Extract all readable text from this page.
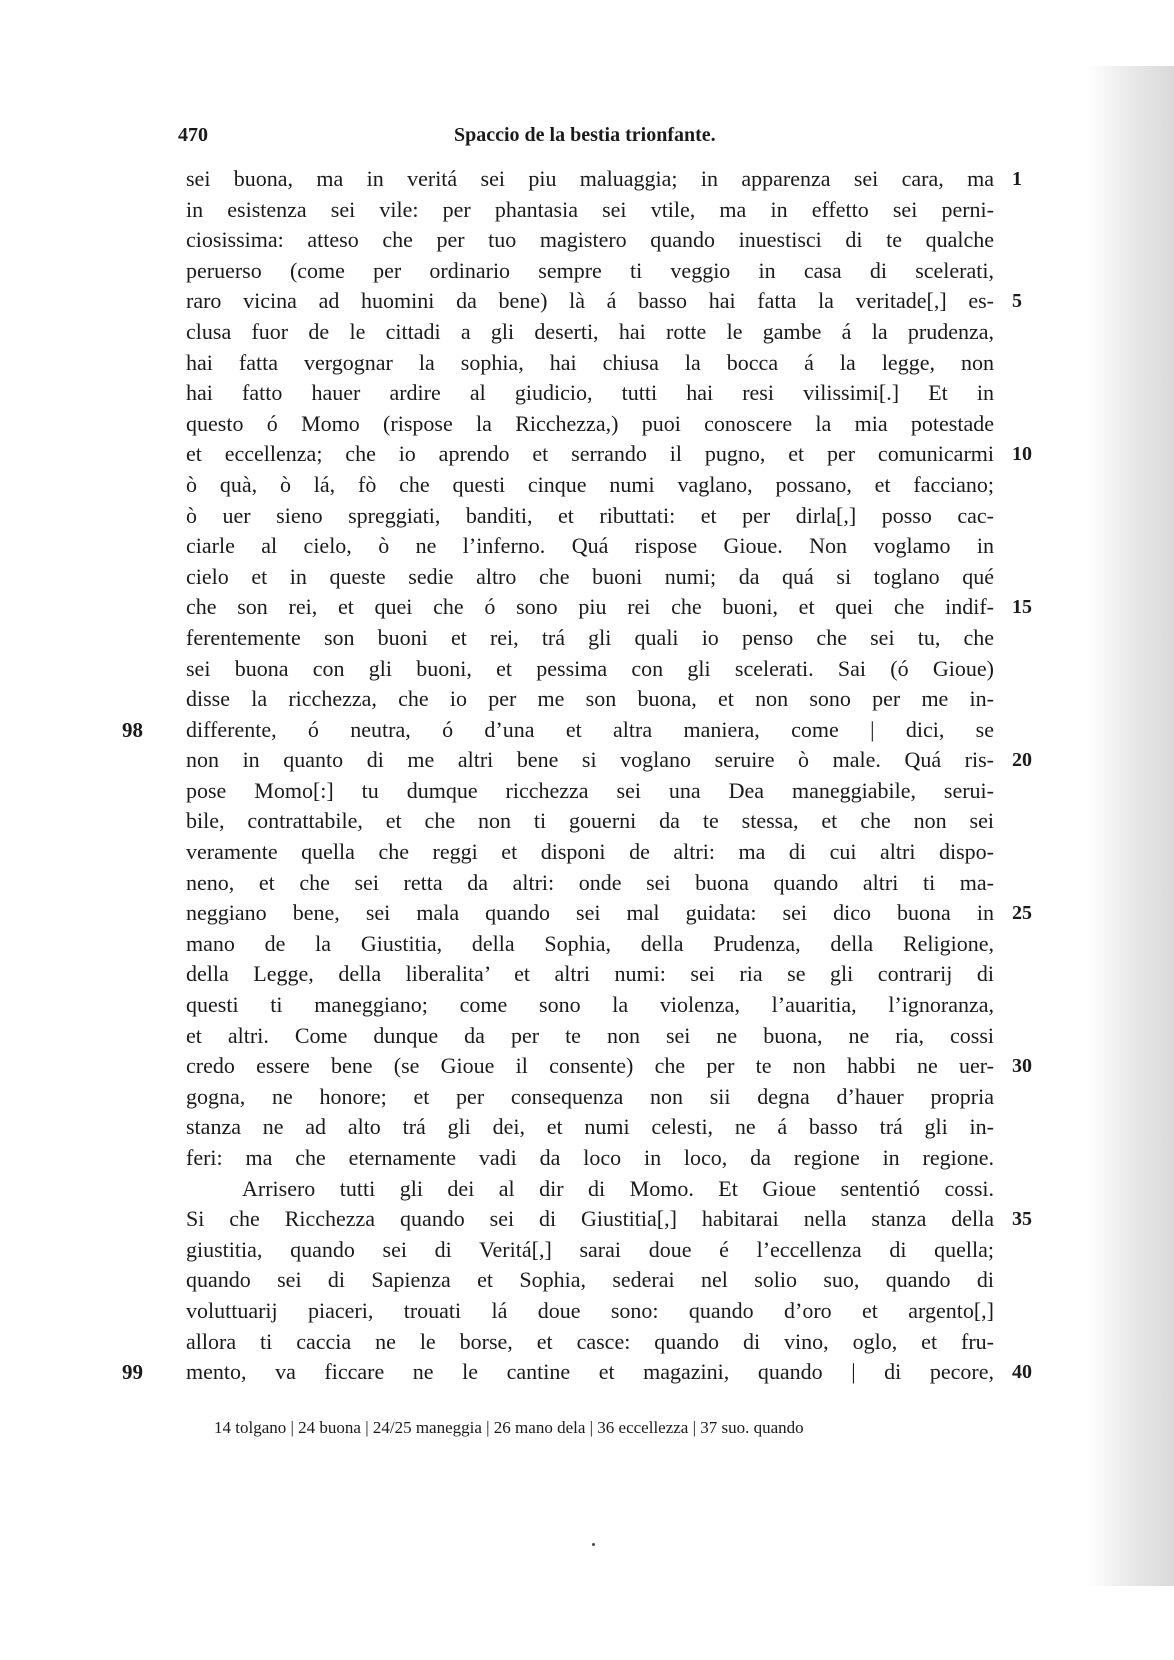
470	Spaccio de la bestia trionfante.
sei buona, ma in veritá sei piu maluaggia; in apparenza sei cara, ma 1
in esistenza sei vile: per phantasia sei vtile, ma in effetto sei perni-
ciosissima: atteso che per tuo magistero quando inuestisci di te qualche
peruerso (come per ordinario sempre ti veggio in casa di scelerati,
raro vicina ad huomini da bene) là á basso hai fatta la veritade[,] es- 5
clusa fuor de le cittadi a gli deserti, hai rotte le gambe á la prudenza,
hai fatta vergognar la sophia, hai chiusa la bocca á la legge, non
hai fatto hauer ardire al giudicio, tutti hai resi vilissimi[.] Et in
questo ó Momo (rispose la Ricchezza,) puoi conoscere la mia potestade
et eccellenza; che io aprendo et serrando il pugno, et per comunicarmi 10
ò quà, ò lá, fò che questi cinque numi vaglano, possano, et facciano;
ò uer sieno spreggiati, banditi, et ributtati: et per dirla[,] posso cac-
ciarle al cielo, ò ne l’inferno. Quá rispose Gioue. Non voglamo in
cielo et in queste sedie altro che buoni numi; da quá si toglano qué
che son rei, et quei che ó sono piu rei che buoni, et quei che indif- 15
ferentemente son buoni et rei, trá gli quali io penso che sei tu, che
sei buona con gli buoni, et pessima con gli scelerati. Sai (ó Gioue)
disse la ricchezza, che io per me son buona, et non sono per me in-
differente, ó neutra, ó d’una et altra maniera, come | dici, se
98
non in quanto di me altri bene si voglano seruire ò male. Quá ris- 20
pose Momo[:] tu dumque ricchezza sei una Dea maneggiabile, serui-
bile, contrattabile, et che non ti gouerni da te stessa, et che non sei
veramente quella che reggi et disponi de altri: ma di cui altri dispo-
neno, et che sei retta da altri: onde sei buona quando altri ti ma-
neggiano bene, sei mala quando sei mal guidata: sei dico buona in 25
mano de la Giustitia, della Sophia, della Prudenza, della Religione,
della Legge, della liberalita’ et altri numi: sei ria se gli contrarij di
questi ti maneggiano; come sono la violenza, l’auaritia, l’ignoranza,
et altri. Come dunque da per te non sei ne buona, ne ria, cossi
credo essere bene (se Gioue il consente) che per te non habbi ne uer- 30
gogna, ne honore; et per consequenza non sii degna d’hauer propria
stanza ne ad alto trá gli dei, et numi celesti, ne á basso trá gli in-
feri: ma che eternamente vadi da loco in loco, da regione in regione.
Arrisero tutti gli dei al dir di Momo. Et Gioue sententió cossi.
Si che Ricchezza quando sei di Giustitia[,] habitarai nella stanza della 35
giustitia, quando sei di Veritá[,] sarai doue é l’eccellenza di quella;
quando sei di Sapienza et Sophia, sederai nel solio suo, quando di
voluttuarij piaceri, trouati lá doue sono: quando d’oro et argento[,]
allora ti caccia ne le borse, et casce: quando di vino, oglo, et fru-
mento, va ficcare ne le cantine et magazini, quando | di pecore, 40
99
14 tolgano | 24 buona | 24/25 maneggia | 26 mano dela | 36 eccellezza | 37 suo. quando
